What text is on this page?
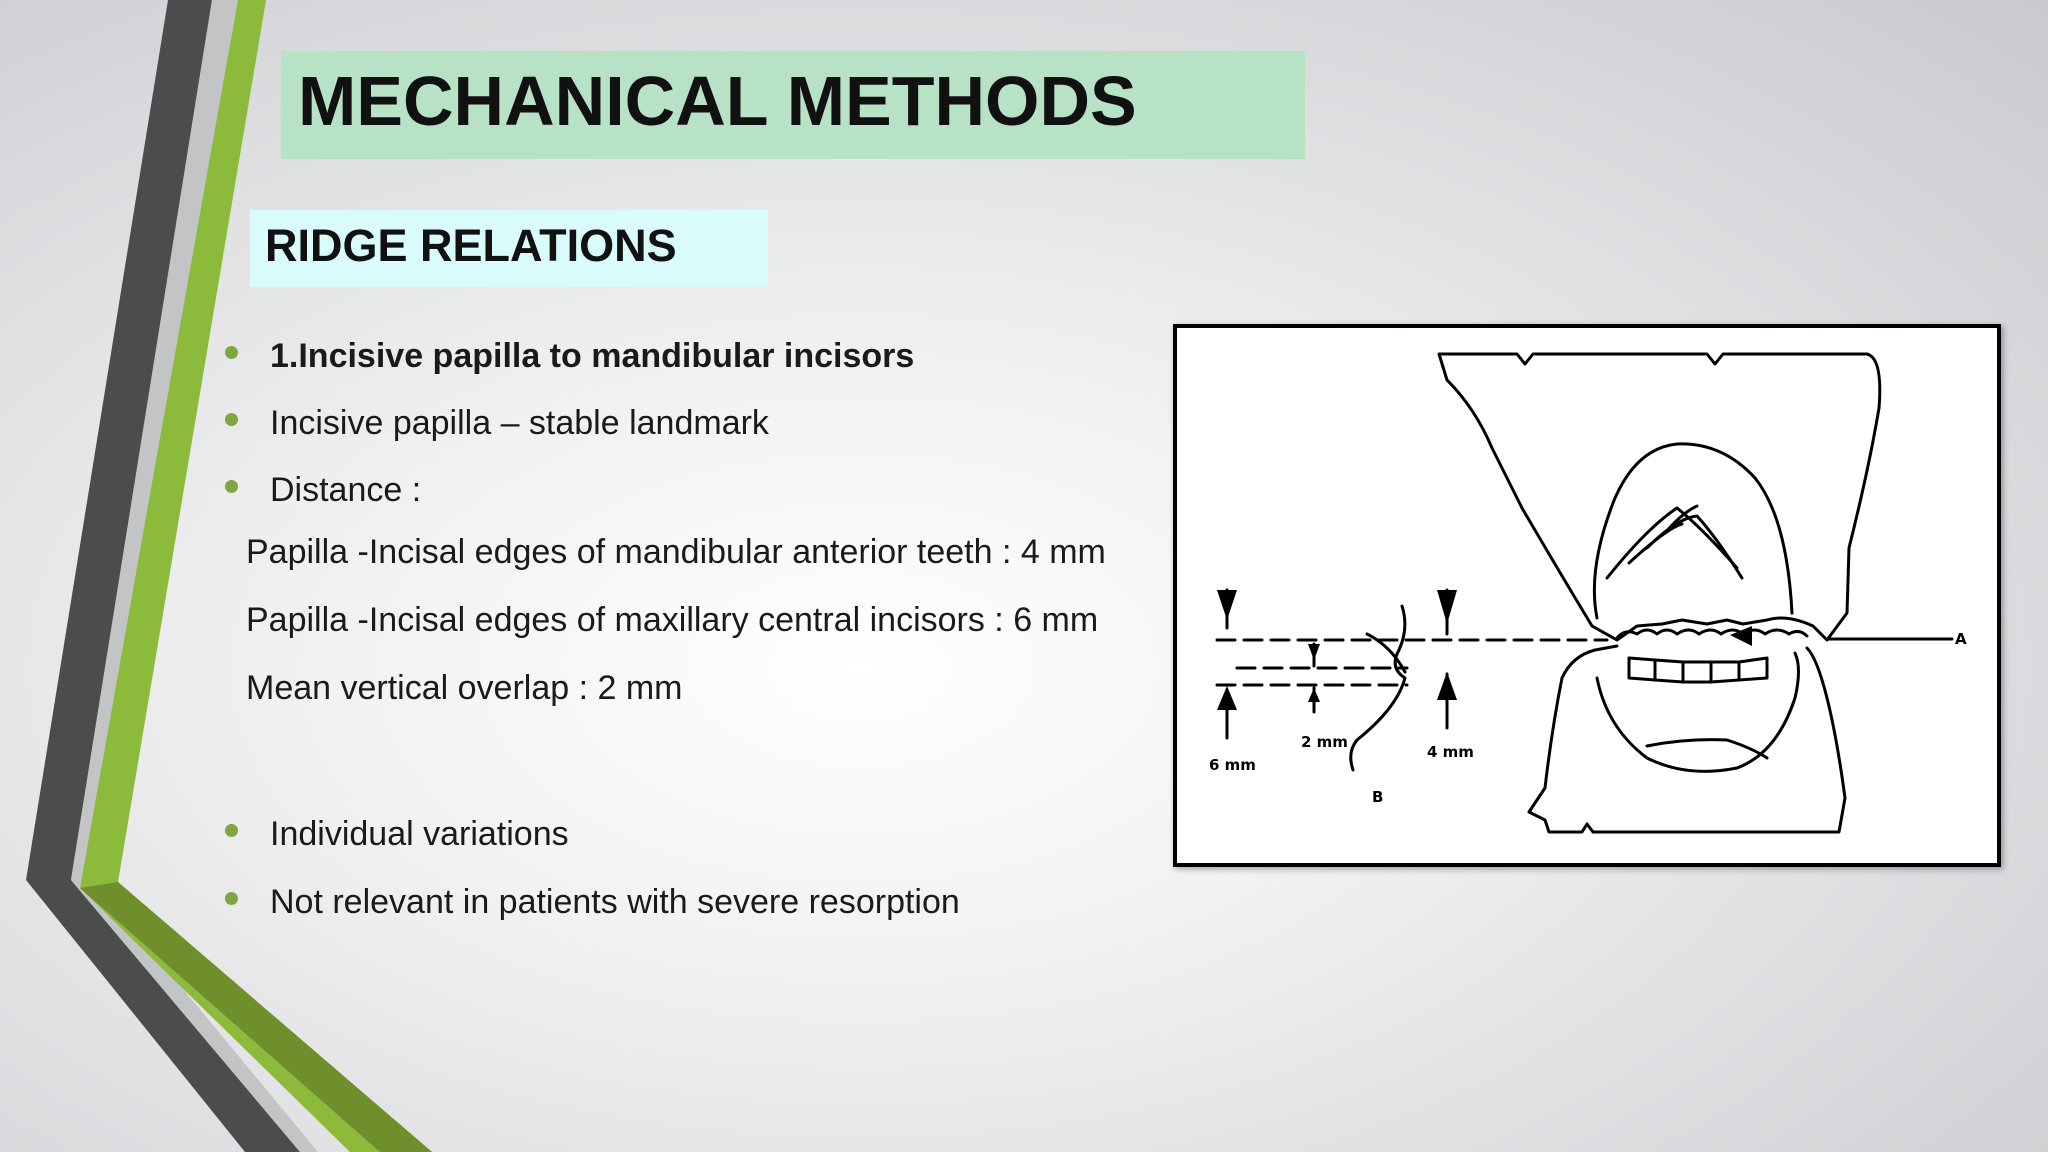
MECHANICAL METHODS
RIDGE RELATIONS
1.Incisive papilla to mandibular incisors
Incisive papilla – stable landmark
Distance :
Papilla -Incisal edges of mandibular anterior teeth : 4 mm
Papilla -Incisal edges of maxillary central incisors : 6 mm
Mean vertical overlap : 2 mm
Individual variations
Not relevant in patients with severe resorption
6 mm
2 mm
4 mm
A
B
